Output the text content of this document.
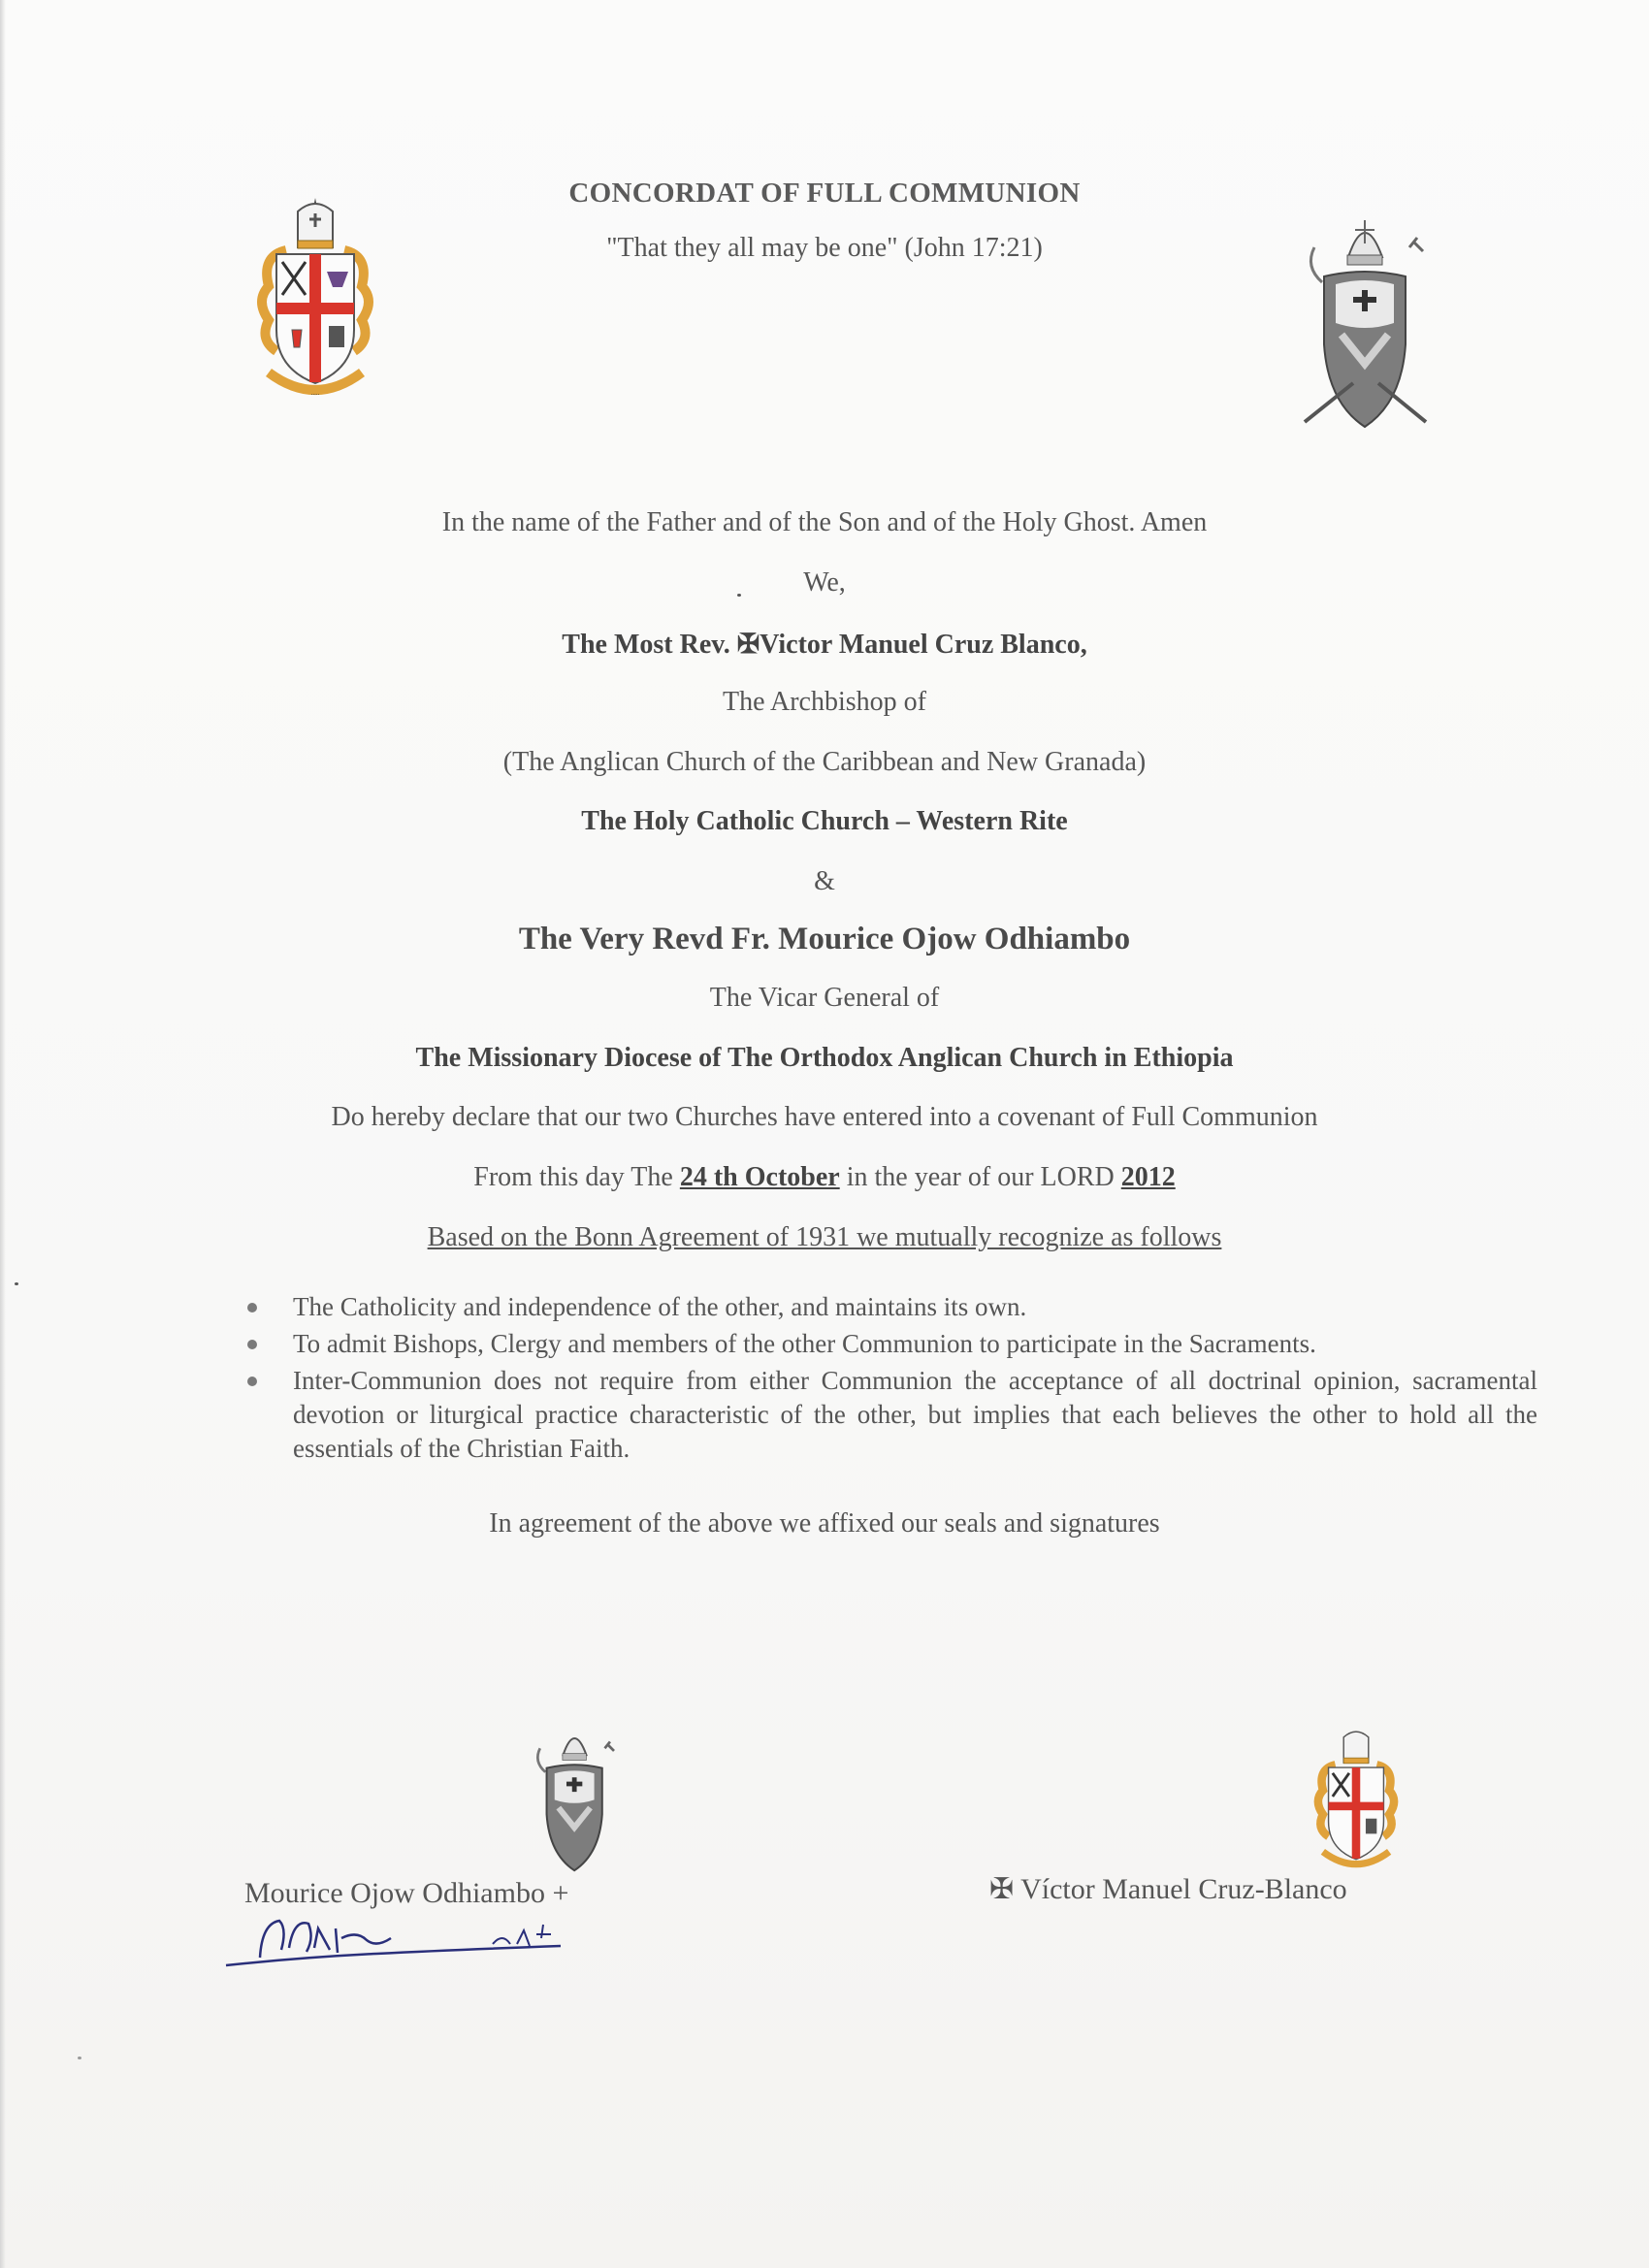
.....
CONCORDAT OF FULL COMMUNION
"That they all may be one" (John 17:21)
In the name of the Father and of the Son and of the Holy Ghost. Amen
We,
The Most Rev. ✠Victor Manuel Cruz Blanco,
The Archbishop of
(The Anglican Church of the Caribbean and New Granada)
The Holy Catholic Church – Western Rite
&
The Very Revd Fr. Mourice Ojow Odhiambo
The Vicar General of
The Missionary Diocese of The Orthodox Anglican Church in Ethiopia
Do hereby declare that our two Churches have entered into a covenant of Full Communion
From this day The 24 th October in the year of our LORD 2012
Based on the Bonn Agreement of 1931 we mutually recognize as follows
The Catholicity and independence of the other, and maintains its own.
To admit Bishops, Clergy and members of the other Communion to participate in the Sacraments.
Inter-Communion does not require from either Communion the acceptance of all doctrinal opinion, sacramental devotion or liturgical practice characteristic of the other, but implies that each believes the other to hold all the essentials of the Christian Faith.
In agreement of the above we affixed our seals and signatures
Mourice Ojow Odhiambo +	✠ Víctor Manuel Cruz-Blanco
